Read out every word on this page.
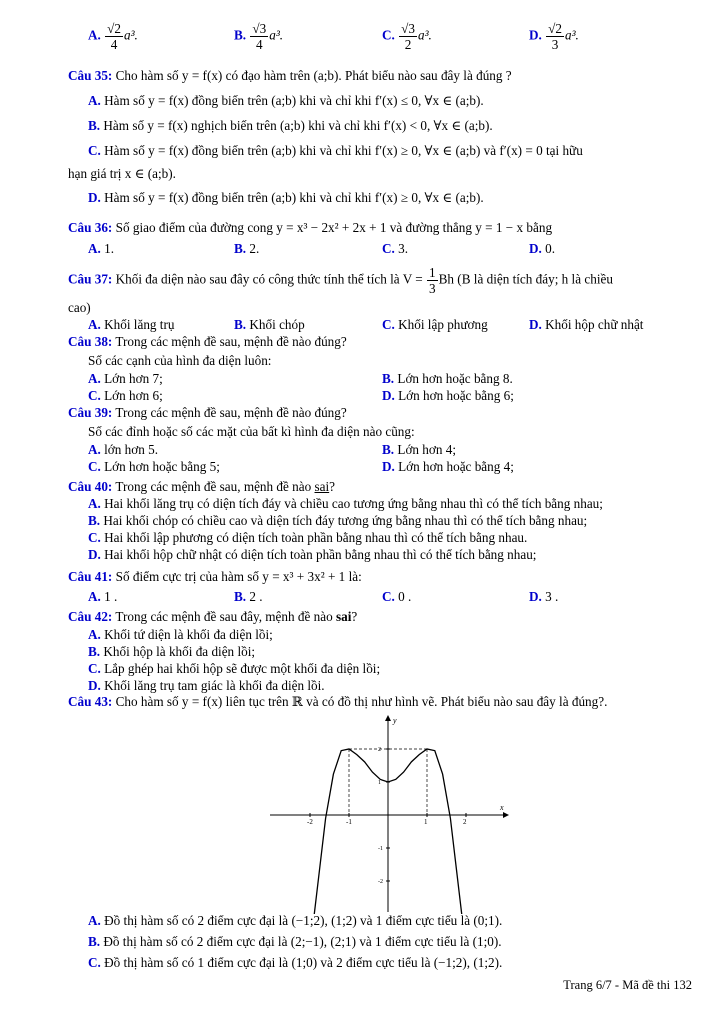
A. $\frac{√2}{4} a^3$.	B. $\frac{√3}{4} a^3$.	C. $\frac{√3}{2} a^3$.	D. $\frac{√2}{3} a^3$.
Câu 35: Cho hàm số y = f(x) có đạo hàm trên (a;b). Phát biểu nào sau đây là đúng ?
A. Hàm số y = f(x) đồng biến trên (a;b) khi và chỉ khi f′(x) ≤ 0, ∀x ∈ (a;b).
B. Hàm số y = f(x) nghịch biến trên (a;b) khi và chỉ khi f′(x) < 0, ∀x ∈ (a;b).
C. Hàm số y = f(x) đồng biến trên (a;b) khi và chỉ khi f′(x) ≥ 0, ∀x ∈ (a;b) và f′(x) = 0 tại hữu
hạn giá trị x ∈ (a;b).
D. Hàm số y = f(x) đồng biến trên (a;b) khi và chỉ khi f′(x) ≥ 0, ∀x ∈ (a;b).
Câu 36: Số giao điểm của đường cong y = x³ − 2x² + 2x + 1 và đường thẳng y = 1 − x bằng
A. 1.	B. 2.	C. 3.	D. 0.
Câu 37: Khối đa diện nào sau đây có công thức tính thể tích là $V = \frac{1}{3}$ Bh (B là diện tích đáy; h là chiều
cao)
A. Khối lăng trụ	B. Khối chóp	C. Khối lập phương	D. Khối hộp chữ nhật
Câu 38: Trong các mệnh đề sau, mệnh đề nào đúng?
Số các cạnh của hình đa diện luôn:
A. Lớn hơn 7;	B. Lớn hơn hoặc bằng 8.
C. Lớn hơn 6;	D. Lớn hơn hoặc bằng 6;
Câu 39: Trong các mệnh đề sau, mệnh đề nào đúng?
Số các đỉnh hoặc số các mặt của bất kì hình đa diện nào cũng:
A. lớn hơn 5.	B. Lớn hơn 4;
C. Lớn hơn hoặc bằng 5;	D. Lớn hơn hoặc bằng 4;
Câu 40: Trong các mệnh đề sau, mệnh đề nào sai?
A. Hai khối lăng trụ có diện tích đáy và chiều cao tương ứng bằng nhau thì có thể tích bằng nhau;
B. Hai khối chóp có chiều cao và diện tích đáy tương ứng bằng nhau thì có thể tích bằng nhau;
C. Hai khối lập phương có diện tích toàn phần bằng nhau thì có thể tích bằng nhau.
D. Hai khối hộp chữ nhật có diện tích toàn phần bằng nhau thì có thể tích bằng nhau;
Câu 41: Số điểm cực trị của hàm số y = x³ + 3x² + 1 là:
A. 1 .	B. 2 .	C. 0 .	D. 3 .
Câu 42: Trong các mệnh đề sau đây, mệnh đề nào sai?
A. Khối tứ diện là khối đa diện lồi;
B. Khối hộp là khối đa diện lồi;
C. Lắp ghép hai khối hộp sẽ được một khối đa diện lồi;
D. Khối lăng trụ tam giác là khối đa diện lồi.
Câu 43: Cho hàm số y = f(x) liên tục trên ℝ và có đồ thị như hình vẽ. Phát biểu nào sau đây là đúng?.
-2	-1	1	2
2
1
-1
-2
x
y
A. Đồ thị hàm số có 2 điểm cực đại là (−1;2), (1;2) và 1 điểm cực tiểu là (0;1).
B. Đồ thị hàm số có 2 điểm cực đại là (2;−1), (2;1) và 1 điểm cực tiểu là (1;0).
C. Đồ thị hàm số có 1 điểm cực đại là (1;0) và 2 điểm cực tiểu là (−1;2), (1;2).
Trang 6/7 - Mã đề thi 132
